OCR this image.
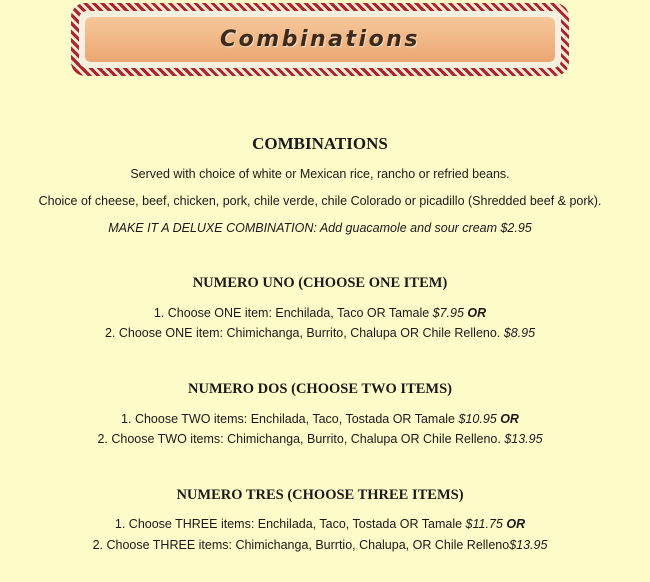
Combinations
COMBINATIONS
Served with choice of white or Mexican rice, rancho or refried beans.
Choice of cheese, beef, chicken, pork, chile verde, chile Colorado or picadillo (Shredded beef & pork).
MAKE IT A DELUXE COMBINATION: Add guacamole and sour cream $2.95
NUMERO UNO (CHOOSE ONE ITEM)
1. Choose ONE item: Enchilada, Taco OR Tamale $7.95 OR
2. Choose ONE item: Chimichanga, Burrito, Chalupa OR Chile Relleno. $8.95
NUMERO DOS (CHOOSE TWO ITEMS)
1. Choose TWO items: Enchilada, Taco, Tostada OR Tamale $10.95 OR
2. Choose TWO items: Chimichanga, Burrito, Chalupa OR Chile Relleno. $13.95
NUMERO TRES (CHOOSE THREE ITEMS)
1. Choose THREE items: Enchilada, Taco, Tostada OR Tamale $11.75 OR
2. Choose THREE items: Chimichanga, Burrtio, Chalupa, OR Chile Relleno$13.95
